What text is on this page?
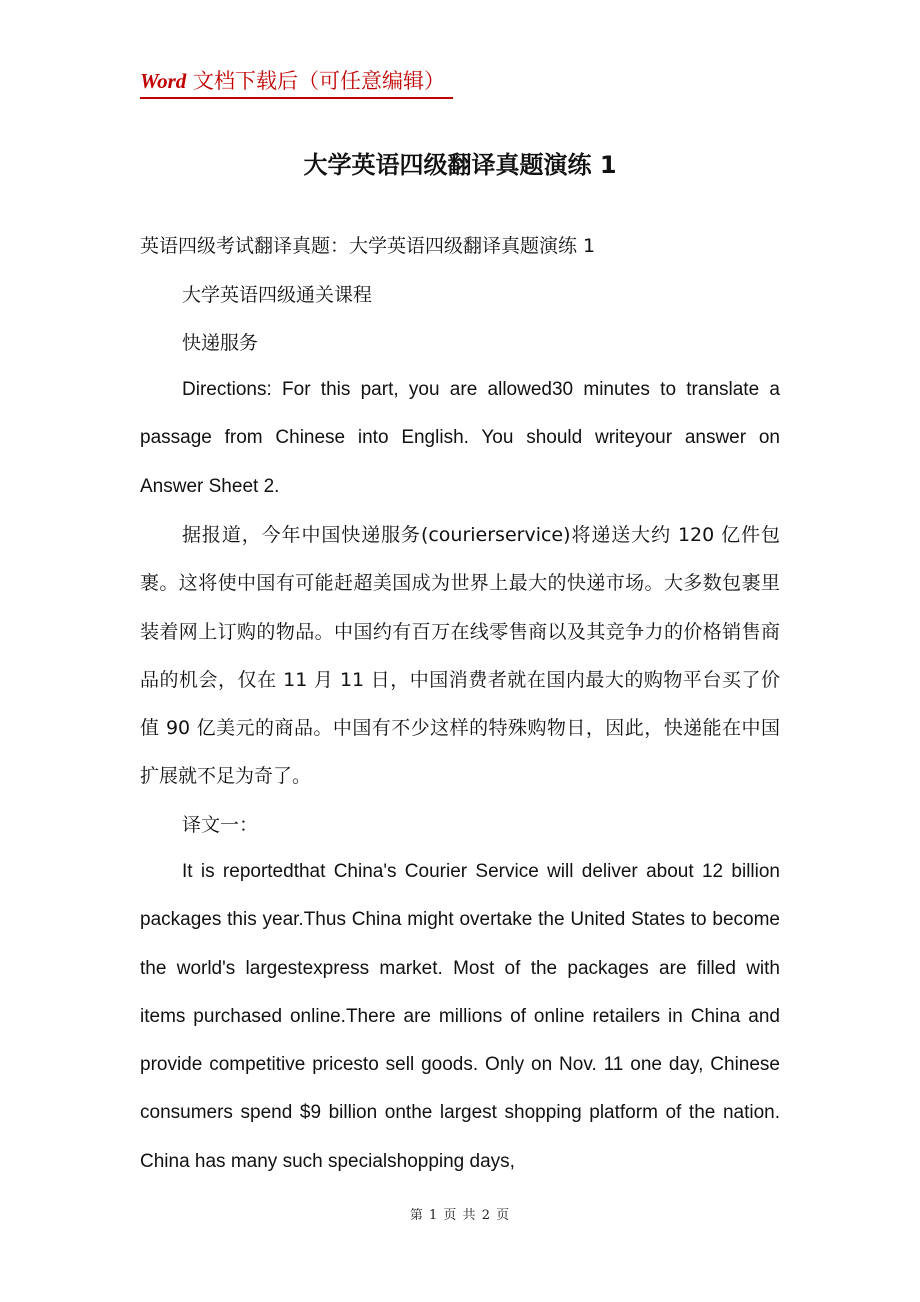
Word 文档下载后（可任意编辑）
大学英语四级翻译真题演练 1
英语四级考试翻译真题：大学英语四级翻译真题演练 1
大学英语四级通关课程
快递服务
Directions: For this part, you are allowed30 minutes to translate a passage from Chinese into English. You should writeyour answer on Answer Sheet 2.
据报道，今年中国快递服务(courierservice)将递送大约 120 亿件包裹。这将使中国有可能赶超美国成为世界上最大的快递市场。大多数包裹里装着网上订购的物品。中国约有百万在线零售商以及其竞争力的价格销售商品的机会，仅在 11 月 11 日，中国消费者就在国内最大的购物平台买了价值 90 亿美元的商品。中国有不少这样的特殊购物日，因此，快递能在中国扩展就不足为奇了。
译文一：
It is reportedthat China's Courier Service will deliver about 12 billion packages this year.Thus China might overtake the United States to become the world's largestexpress market. Most of the packages are filled with items purchased online.There are millions of online retailers in China and provide competitive pricesto sell goods. Only on Nov. 11 one day, Chinese consumers spend $9 billion onthe largest shopping platform of the nation. China has many such specialshopping days,
第 1 页 共 2 页
